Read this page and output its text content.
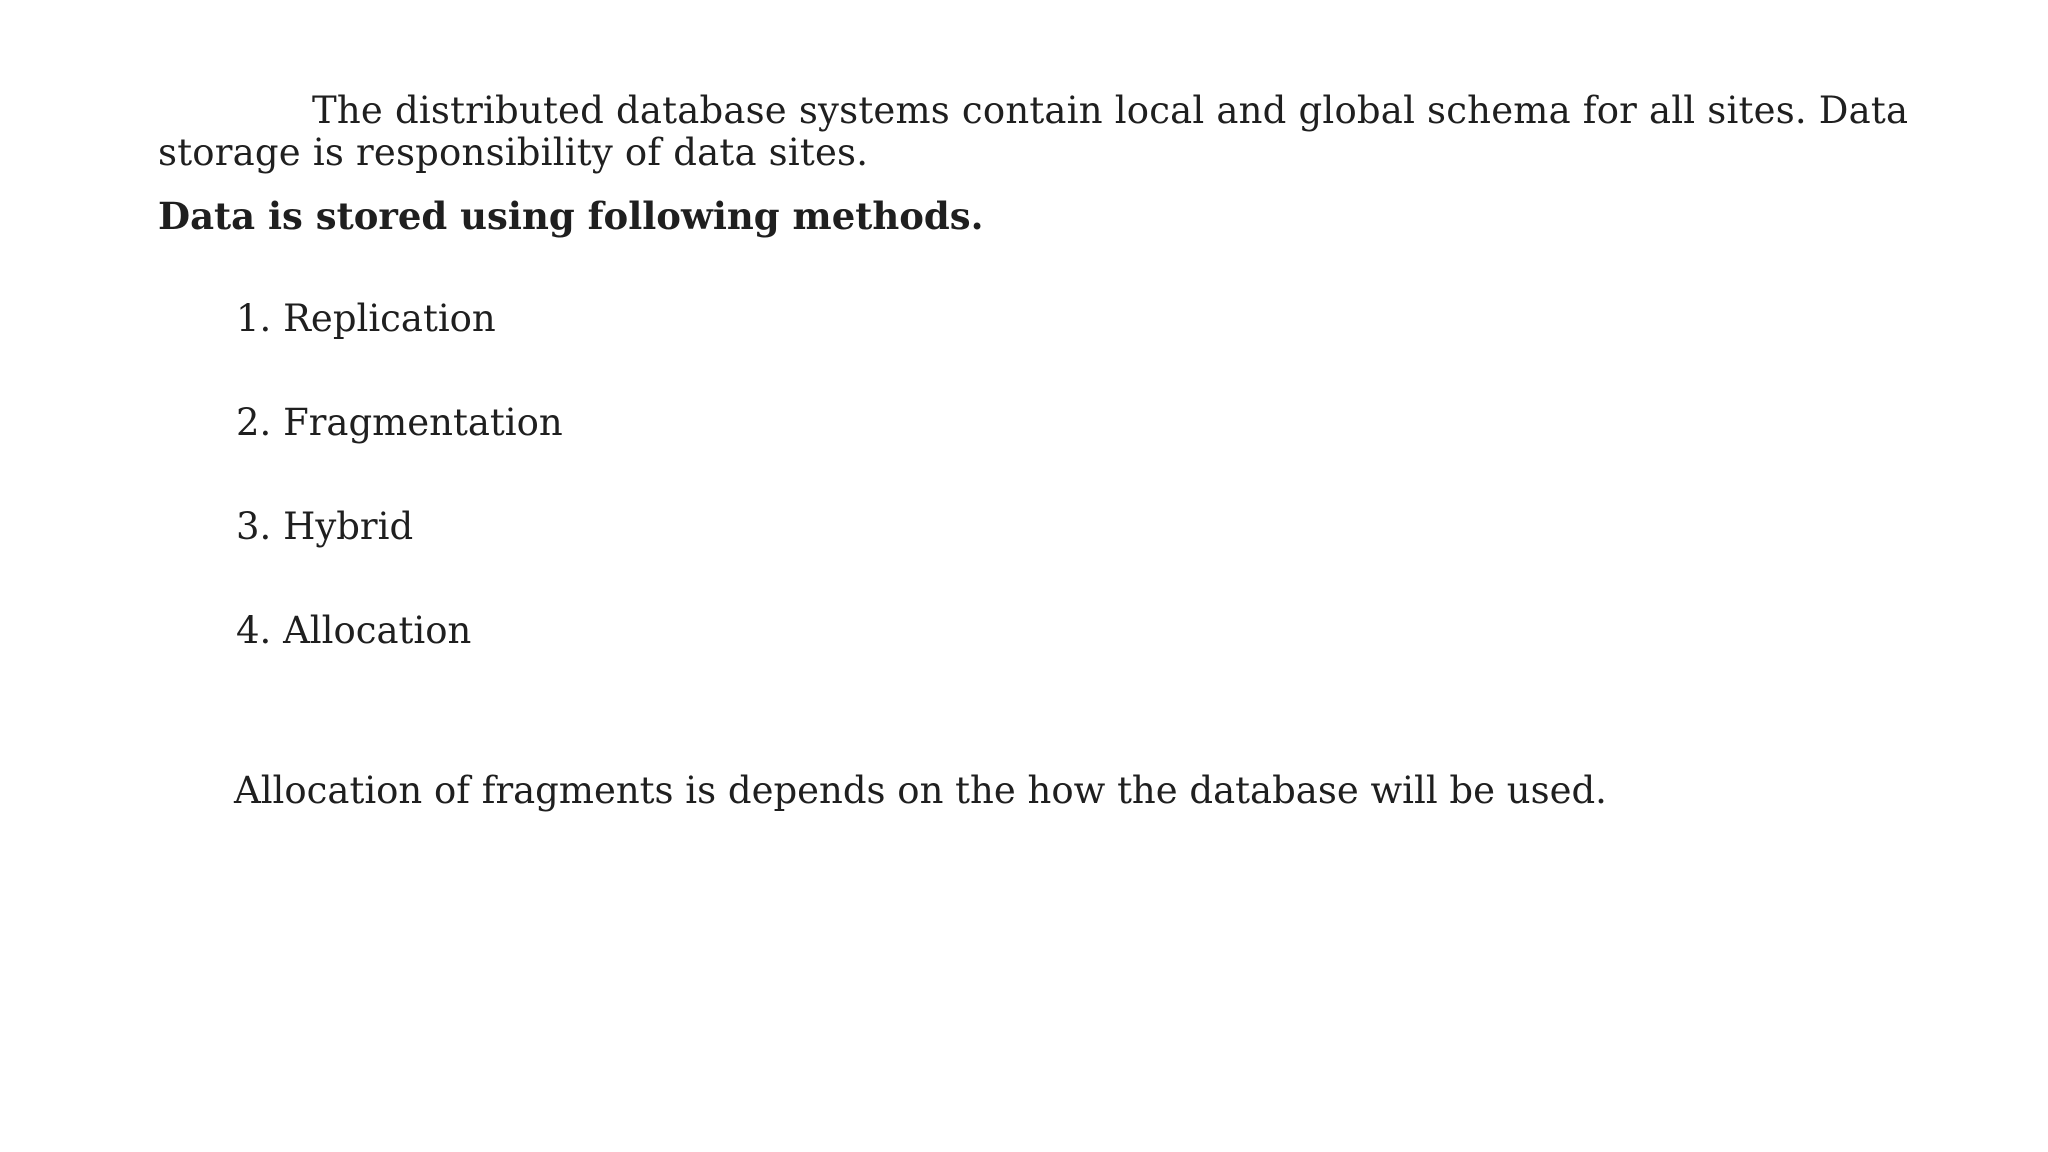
The distributed database systems contain local and global schema for all sites. Data storage is responsibility of data sites.

Data is stored using following methods.

1. Replication
2. Fragmentation
3. Hybrid
4. Allocation

Allocation of fragments is depends on the how the database will be used.
